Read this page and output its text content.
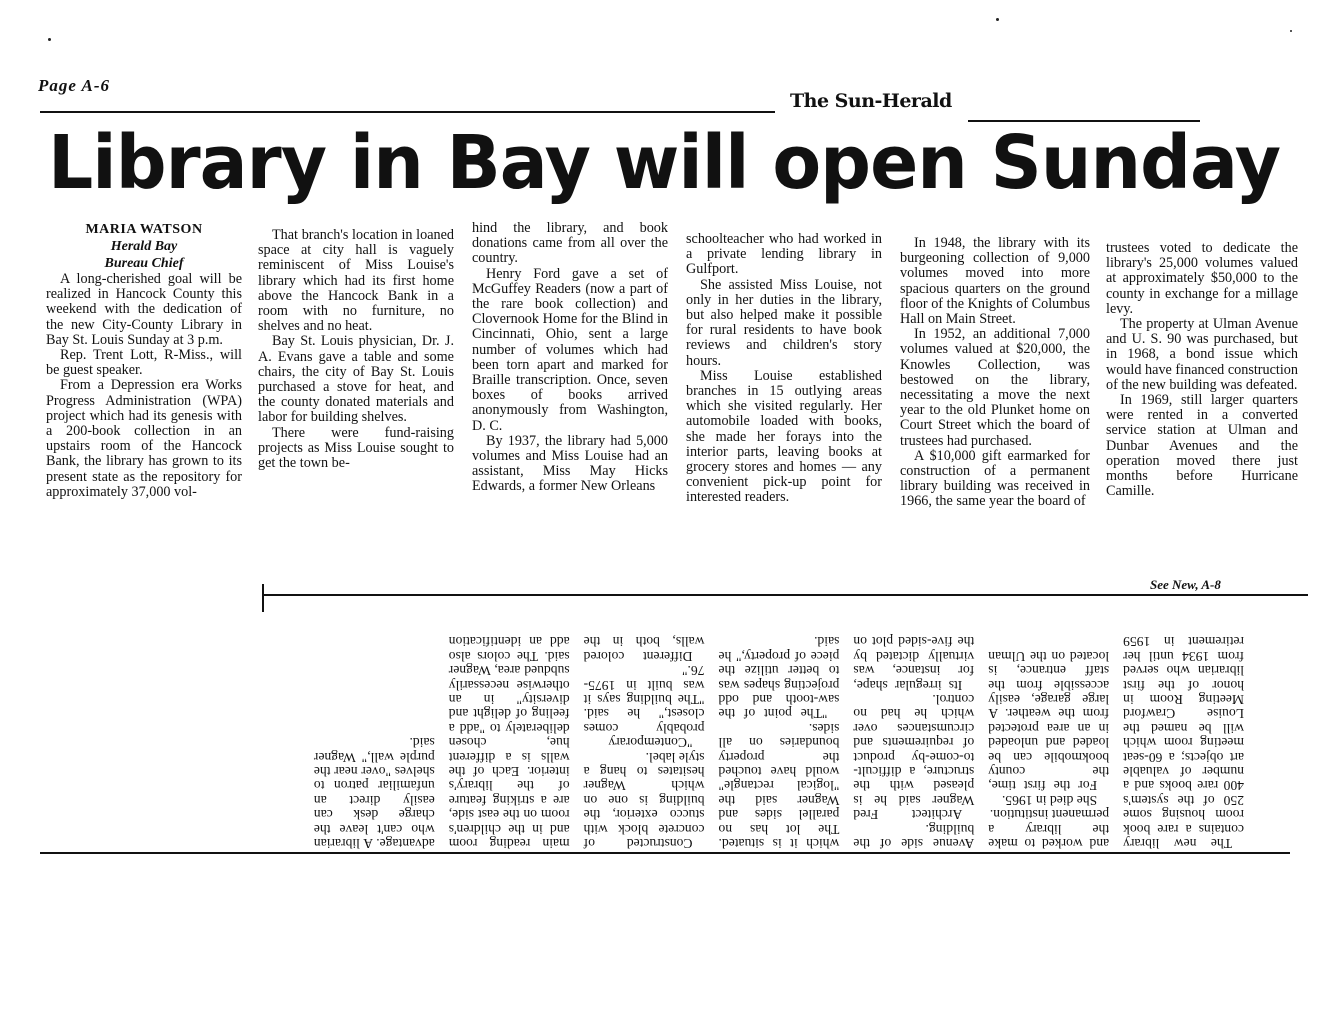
Page A-6
The Sun-Herald
Library in Bay will open Sunday
MARIA WATSON
Herald Bay
Bureau Chief

A long-cherished goal will be realized in Hancock County this weekend with the dedication of the new City-County Library in Bay St. Louis Sunday at 3 p.m.

Rep. Trent Lott, R-Miss., will be guest speaker.

From a Depression era Works Progress Administration (WPA) project which had its genesis with a 200-book collection in an upstairs room of the Hancock Bank, the library has grown to its present state as the repository for approximately 37,000 vol-

That branch's location in loaned space at city hall is vaguely reminiscent of Miss Louise's library which had its first home above the Hancock Bank in a room with no furniture, no shelves and no heat.

Bay St. Louis physician, Dr. J. A. Evans gave a table and some chairs, the city of Bay St. Louis purchased a stove for heat, and the county donated materials and labor for building shelves.

There were fund-raising projects as Miss Louise sought to get the town be-

hind the library, and book donations came from all over the country.

Henry Ford gave a set of McGuffey Readers (now a part of the rare book collection) and Clovernook Home for the Blind in Cincinnati, Ohio, sent a large number of volumes which had been torn apart and marked for Braille transcription. Once, seven boxes of books arrived anonymously from Washington, D. C.

By 1937, the library had 5,000 volumes and Miss Louise had an assistant, Miss May Hicks Edwards, a former New Orleans

schoolteacher who had worked in a private lending library in Gulfport.

She assisted Miss Louise, not only in her duties in the library, but also helped make it possible for rural residents to have book reviews and children's story hours.

Miss Louise established branches in 15 outlying areas which she visited regularly. Her automobile loaded with books, she made her forays into the interior parts, leaving books at grocery stores and homes — any convenient pick-up point for interested readers.

In 1948, the library with its burgeoning collection of 9,000 volumes moved into more spacious quarters on the ground floor of the Knights of Columbus Hall on Main Street.

In 1952, an additional 7,000 volumes valued at $20,000, the Knowles Collection, was bestowed on the library, necessitating a move the next year to the old Plunket home on Court Street which the board of trustees had purchased.

A $10,000 gift earmarked for construction of a permanent library building was received in 1966, the same year the board of

trustees voted to dedicate the library's 25,000 volumes valued at approximately $50,000 to the county in exchange for a millage levy.

The property at Ulman Avenue and U. S. 90 was purchased, but in 1968, a bond issue which would have financed construction of the new building was defeated.

In 1969, still larger quarters were rented in a converted service station at Ulman and Dunbar Avenues and the operation moved there just months before Hurricane Camille.

See New, A-8

The new library contains a rare book room housing some 250 of the system's 400 rare books and a number of valuable art objects; a 60-seat meeting room which will be named the Louise Crawford Meeting Room in honor of the first librarian who served from 1934 until her retirement in 1959 and worked to make the library a permanent institution.

She died in 1965.

For the first time, the county bookmobile can be loaded and unloaded in an area protected from the weather. A large garage, easily accessible from the staff entrance, is located on the Ulman Avenue side of the building.

Architect Fred Wagner said he is pleased with the structure, a difficult-to-come-by product of requirements and circumstances over which he had no control.

Its irregular shape, for instance, was virtually dictated by the five-sided plot on which it is situated. The lot has no parallel sides and Wagner said the "logical rectangle" would have touched the property boundaries on all sides.

"The point of the saw-tooth and odd projecting shapes was to better utilize the piece of property," he said.

Constructed of concrete block with stucco exterior, the building is one on which Wagner hesitates to hang a style label.

"Contemporary probably comes closest," he said. "The building says it was built in 1975-76."

Different colored walls, both in the main reading room and in the children's room on the east side, are a striking feature of the library's interior. Each of the walls is a different hue, chosen deliberately to "add a feeling of delight and diversity" in an otherwise necessarily subdued area, Wagner said. The colors also add an identification advantage. A librarian who can't leave the charge desk can easily direct an unfamiliar patron to shelves "over near the purple wall," Wagner said.
